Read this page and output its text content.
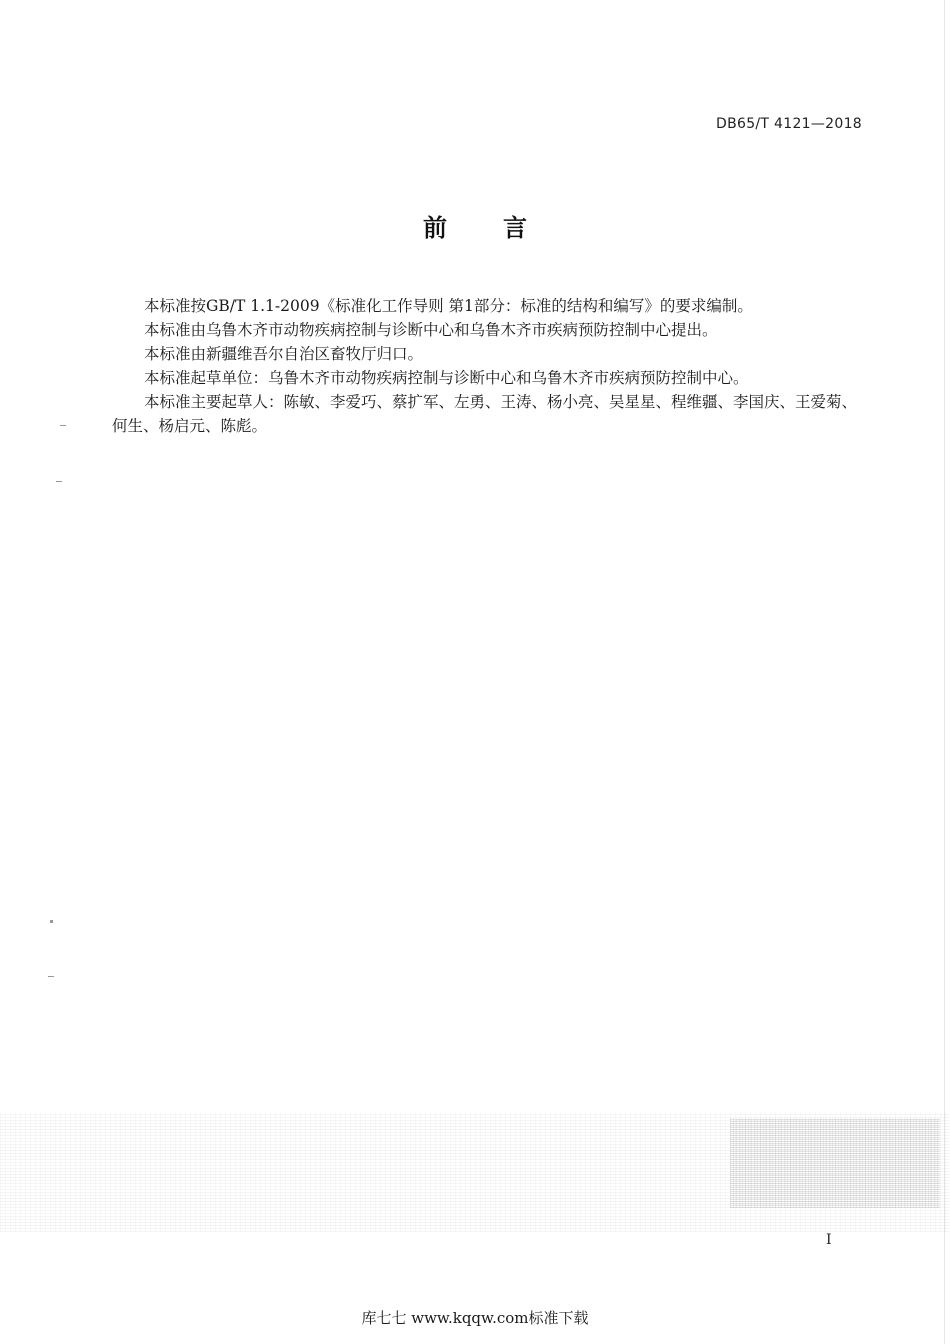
DB65/T 4121—2018
前言

本标准按GB/T 1.1-2009《标准化工作导则 第1部分：标准的结构和编写》的要求编制。

本标准由乌鲁木齐市动物疾病控制与诊断中心和乌鲁木齐市疾病预防控制中心提出。

本标准由新疆维吾尔自治区畜牧厅归口。

本标准起草单位：乌鲁木齐市动物疾病控制与诊断中心和乌鲁木齐市疾病预防控制中心。

本标准主要起草人：陈敏、李爱巧、蔡扩军、左勇、王涛、杨小亮、吴星星、程维疆、李国庆、王爱菊、何生、杨启元、陈彪。

I
库七七 www.kqqw.com标准下载
